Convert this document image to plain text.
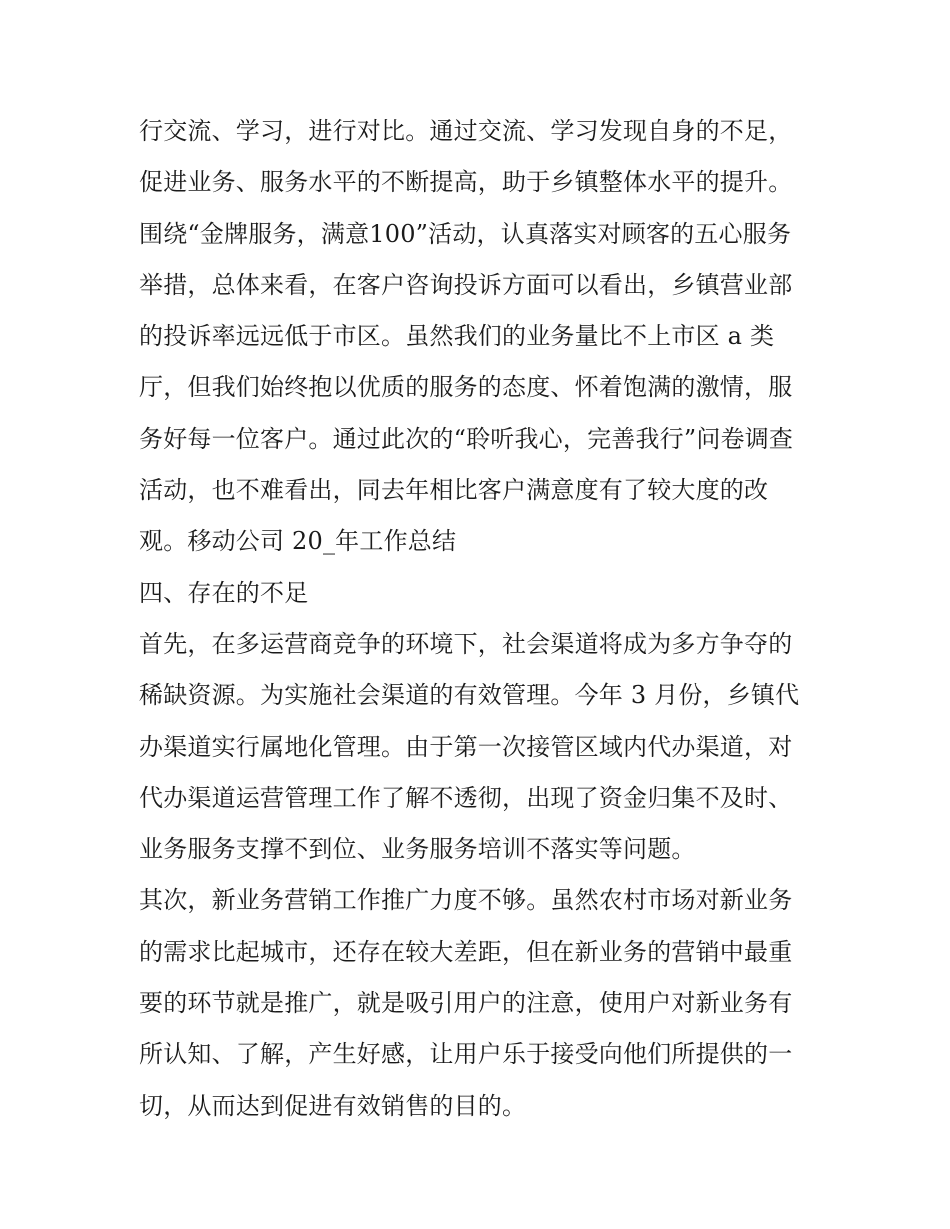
行交流、学习，进行对比。通过交流、学习发现自身的不足，

促进业务、服务水平的不断提高，助于乡镇整体水平的提升。

围绕“金牌服务，满意100”活动，认真落实对顾客的五心服务

举措，总体来看，在客户咨询投诉方面可以看出，乡镇营业部

的投诉率远远低于市区。虽然我们的业务量比不上市区 a 类

厅，但我们始终抱以优质的服务的态度、怀着饱满的激情，服

务好每一位客户。通过此次的“聆听我心，完善我行”问卷调查

活动，也不难看出，同去年相比客户满意度有了较大度的改

观。移动公司 20_年工作总结

四、存在的不足

首先，在多运营商竞争的环境下，社会渠道将成为多方争夺的

稀缺资源。为实施社会渠道的有效管理。今年 3 月份，乡镇代

办渠道实行属地化管理。由于第一次接管区域内代办渠道，对

代办渠道运营管理工作了解不透彻，出现了资金归集不及时、

业务服务支撑不到位、业务服务培训不落实等问题。

其次，新业务营销工作推广力度不够。虽然农村市场对新业务

的需求比起城市，还存在较大差距，但在新业务的营销中最重

要的环节就是推广，就是吸引用户的注意，使用户对新业务有

所认知、了解，产生好感，让用户乐于接受向他们所提供的一

切，从而达到促进有效销售的目的。
